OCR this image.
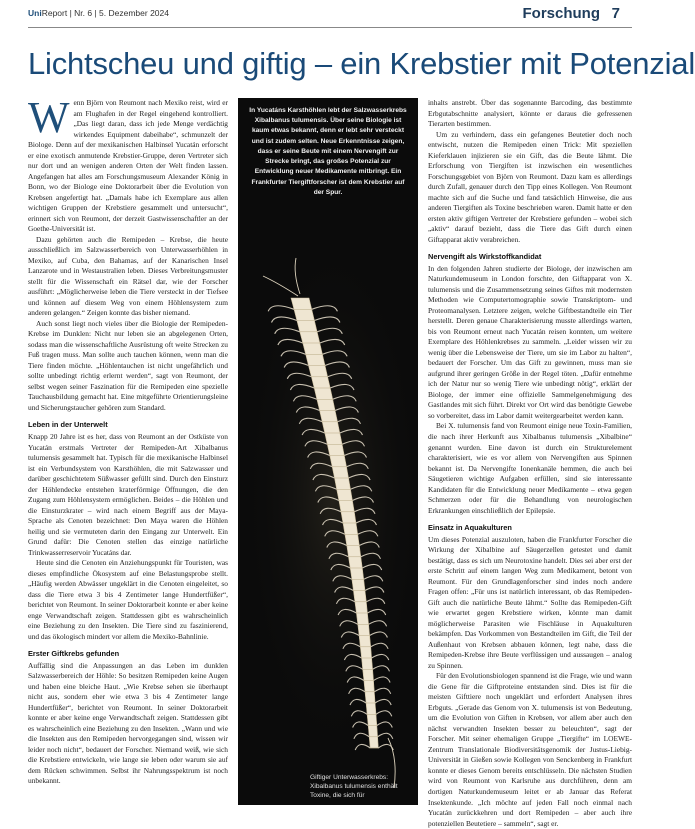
UniReport | Nr. 6 | 5. Dezember 2024	Forschung 7
Lichtscheu und giftig – ein Krebstier mit Potenzial

Wenn Björn von Reumont nach Mexiko reist, wird er am Flughafen in der Regel eingehend kontrolliert. „Das liegt daran, dass ich jede Menge verdächtig wirkendes Equipment dabeihabe“, schmunzelt der Biologe. Denn auf der mexikanischen Halbinsel Yucatán erforscht er eine exotisch anmutende Krebstier-Gruppe, deren Vertreter sich nur dort und an wenigen anderen Orten der Welt finden lassen. Angefangen hat alles am Forschungsmuseum Alexander König in Bonn, wo der Biologe eine Doktorarbeit über die Evolution von Krebsen angefertigt hat. „Damals habe ich Exemplare aus allen wichtigen Gruppen der Krebstiere gesammelt und untersucht“, erinnert sich von Reumont, der derzeit Gastwissenschaftler an der Goethe-Universität ist.

Dazu gehörten auch die Remipeden – Krebse, die heute ausschließlich im Salzwasserbereich von Unterwasserhöhlen in Mexiko, auf Cuba, den Bahamas, auf der Kanarischen Insel Lanzarote und in Westaustralien leben. Dieses Verbreitungsmuster stellt für die Wissenschaft ein Rätsel dar, wie der Forscher ausführt: „Möglicherweise leben die Tiere versteckt in der Tiefsee und können auf diesem Weg von einem Höhlensystem zum anderen gelangen.“ Zeigen konnte das bisher niemand.

Auch sonst liegt noch vieles über die Biologie der Remipeden-Krebse im Dunklen: Nicht nur leben sie an abgelegenen Orten, sodass man die wissenschaftliche Ausrüstung oft weite Strecken zu Fuß tragen muss. Man sollte auch tauchen können, wenn man die Tiere finden möchte. „Höhlentauchen ist nicht ungefährlich und sollte unbedingt richtig erlernt werden“, sagt von Reumont, der selbst wegen seiner Faszination für die Remipeden eine spezielle Tauchausbildung gemacht hat. Eine mitgeführte Orientierungsleine und Sicherungstaucher gehören zum Standard.

Leben in der Unterwelt

Knapp 20 Jahre ist es her, dass von Reumont an der Ostküste von Yucatán erstmals Vertreter der Remipeden-Art Xibalbanus tulumensis gesammelt hat. Typisch für die mexikanische Halbinsel ist ein Verbundsystem von Karsthöhlen, die mit Salzwasser und darüber geschichtetem Süßwasser gefüllt sind. Durch den Einsturz der Höhlendecke entstehen kraterförmige Öffnungen, die den Zugang zum Höhlensystem ermöglichen. Beides – die Höhlen und die Einsturzkrater – wird nach einem Begriff aus der Maya-Sprache als Cenoten bezeichnet: Den Maya waren die Höhlen heilig und sie vermuteten darin den Eingang zur Unterwelt. Ein Grund dafür: Die Cenoten stellen das einzige natürliche Trinkwasserreservoir Yucatáns dar.

Heute sind die Cenoten ein Anziehungspunkt für Touristen, was dieses empfindliche Ökosystem auf eine Belastungsprobe stellt. „Häufig werden Abwässer ungeklärt in die Cenoten eingeleitet, so dass die Tiere etwa 3 bis 4 Zentimeter lange Hundertfüßer“, berichtet von Reumont. In seiner Doktorarbeit konnte er aber keine enge Verwandtschaft zeigen. Stattdessen gibt es wahrscheinlich eine Beziehung zu den Insekten. Die Tiere sind zu faszinierend, und das ökologisch mindert vor allem die Mexiko-Bahnlinie.

Erster Giftkrebs gefunden

Auffällig sind die Anpassungen an das Leben im dunklen Salzwasserbereich der Höhle: So besitzen Remipeden keine Augen und haben eine bleiche Haut. „Wie Krebse sehen sie überhaupt nicht aus, sondern eher wie etwa 3 bis 4 Zentimeter lange Hundertfüßer“, berichtet von Reumont. In seiner Doktorarbeit konnte er aber keine enge Verwandtschaft zeigen. Stattdessen gibt es wahrscheinlich eine Beziehung zu den Insekten. „Wann und wie die Insekten aus den Remipeden hervorgegangen sind, wissen wir leider noch nicht“, bedauert der Forscher. Niemand weiß, wie sich die Krebstiere entwickeln, wie lange sie leben oder warum sie auf dem Rücken schwimmen. Selbst ihr Nahrungsspektrum ist noch unbekannt.

In Yucatáns Karsthöhlen lebt der Salzwasserkrebs Xibalbanus tulumensis. Über seine Biologie ist kaum etwas bekannt, denn er lebt sehr versteckt und ist zudem selten. Neue Erkenntnisse zeigen, dass er seine Beute mit einem Nervengift zur Strecke bringt, das großes Potenzial zur Entwicklung neuer Medikamente mitbringt. Ein Frankfurter Tiergiftforscher ist dem Krebstier auf der Spur.
Giftiger Unterwasserkrebs: Xibalbanus tulumensis enthält Toxine, die sich für

inhalts anstrebt. Über das sogenannte Barcoding, das bestimmte Erbgutabschnitte analysiert, könnte er daraus die gefressenen Tierarten bestimmen.

Um zu verhindern, dass ein gefangenes Beutetier doch noch entwischt, nutzen die Remipeden einen Trick: Mit speziellen Kieferklauen injizieren sie ein Gift, das die Beute lähmt. Die Erforschung von Tiergiften ist inzwischen ein wesentliches Forschungsgebiet von Björn von Reumont. Dazu kam es allerdings durch Zufall, genauer durch den Tipp eines Kollegen. Von Reumont machte sich auf die Suche und fand tatsächlich Hinweise, die aus anderen Tiergiften als Toxine beschrieben waren. Damit hatte er den ersten aktiv giftigen Vertreter der Krebstiere gefunden – wobei sich „aktiv“ darauf bezieht, dass die Tiere das Gift durch einen Giftapparat aktiv verabreichen.

Nervengift als Wirkstoffkandidat

In den folgenden Jahren studierte der Biologe, der inzwischen am Naturkundemuseum in London forschte, den Giftapparat von X. tulumensis und die Zusammensetzung seines Giftes mit modernsten Methoden wie Computertomographie sowie Transkriptom- und Proteomanalysen. Letztere zeigen, welche Giftbestandteile ein Tier herstellt. Deren genaue Charakterisierung musste allerdings warten, bis von Reumont erneut nach Yucatán reisen konnten, um weitere Exemplare des Höhlenkrebses zu sammeln. „Leider wissen wir zu wenig über die Lebensweise der Tiere, um sie im Labor zu halten“, bedauert der Forscher. Um das Gift zu gewinnen, muss man sie aufgrund ihrer geringen Größe in der Regel töten. „Dafür entnehme ich der Natur nur so wenig Tiere wie unbedingt nötig“, erklärt der Biologe, der immer eine offizielle Sammelgenehmigung des Gastlandes mit sich führt. Direkt vor Ort wird das benötigte Gewebe so vorbereitet, dass im Labor damit weitergearbeitet werden kann.

Bei X. tulumensis fand von Reumont einige neue Toxin-Familien, die nach ihrer Herkunft aus Xibalbanus tulumensis „Xibalbine“ genannt wurden. Eine davon ist durch ein Strukturelement charakterisiert, wie es vor allem von Nervengiften aus Spinnen bekannt ist. Da Nervengifte Ionenkanäle hemmen, die auch bei Säugetieren wichtige Aufgaben erfüllen, sind sie interessante Kandidaten für die Entwicklung neuer Medikamente – etwa gegen Schmerzen oder für die Behandlung von neurologischen Erkrankungen einschließlich der Epilepsie.

Einsatz in Aquakulturen

Um dieses Potenzial auszuloten, haben die Frankfurter Forscher die Wirkung der Xibalbine auf Säugerzellen getestet und damit bestätigt, dass es sich um Neurotoxine handelt. Dies sei aber erst der erste Schritt auf einem langen Weg zum Medikament, betont von Reumont. Für den Grundlagenforscher sind indes noch andere Fragen offen: „Für uns ist natürlich interessant, ob das Remipeden-Gift auch die natürliche Beute lähmt.“ Sollte das Remipeden-Gift wie erwartet gegen Krebstiere wirken, könnte man damit möglicherweise Parasiten wie Fischläuse in Aquakulturen bekämpfen. Das Vorkommen von Bestandteilen im Gift, die Teil der Außenhaut von Krebsen abbauen können, legt nahe, dass die Remipeden-Krebse ihre Beute verflüssigen und aussaugen – analog zu Spinnen.

Für den Evolutionsbiologen spannend ist die Frage, wie und wann die Gene für die Giftproteine entstanden sind. Dies ist für die meisten Gifttiere noch ungeklärt und erfordert Analysen ihres Erbguts. „Gerade das Genom von X. tulumensis ist von Bedeutung, um die Evolution von Giften in Krebsen, vor allem aber auch den nächst verwandten Insekten besser zu beleuchten“, sagt der Forscher. Mit seiner ehemaligen Gruppe „Tiergifte“ im LOEWE-Zentrum Translationale Biodiversitätsgenomik der Justus-Liebig-Universität in Gießen sowie Kollegen von Senckenberg in Frankfurt konnte er dieses Genom bereits entschlüsseln. Die nächsten Studien wird von Reumont von Karlsruhe aus durchführen, denn am dortigen Naturkundemuseum leitet er ab Januar das Referat Insektenkunde. „Ich möchte auf jeden Fall noch einmal nach Yucatán zurückkehren und dort Remipeden – aber auch ihre potenziellen Beutetiere – sammeln“, sagt er.
